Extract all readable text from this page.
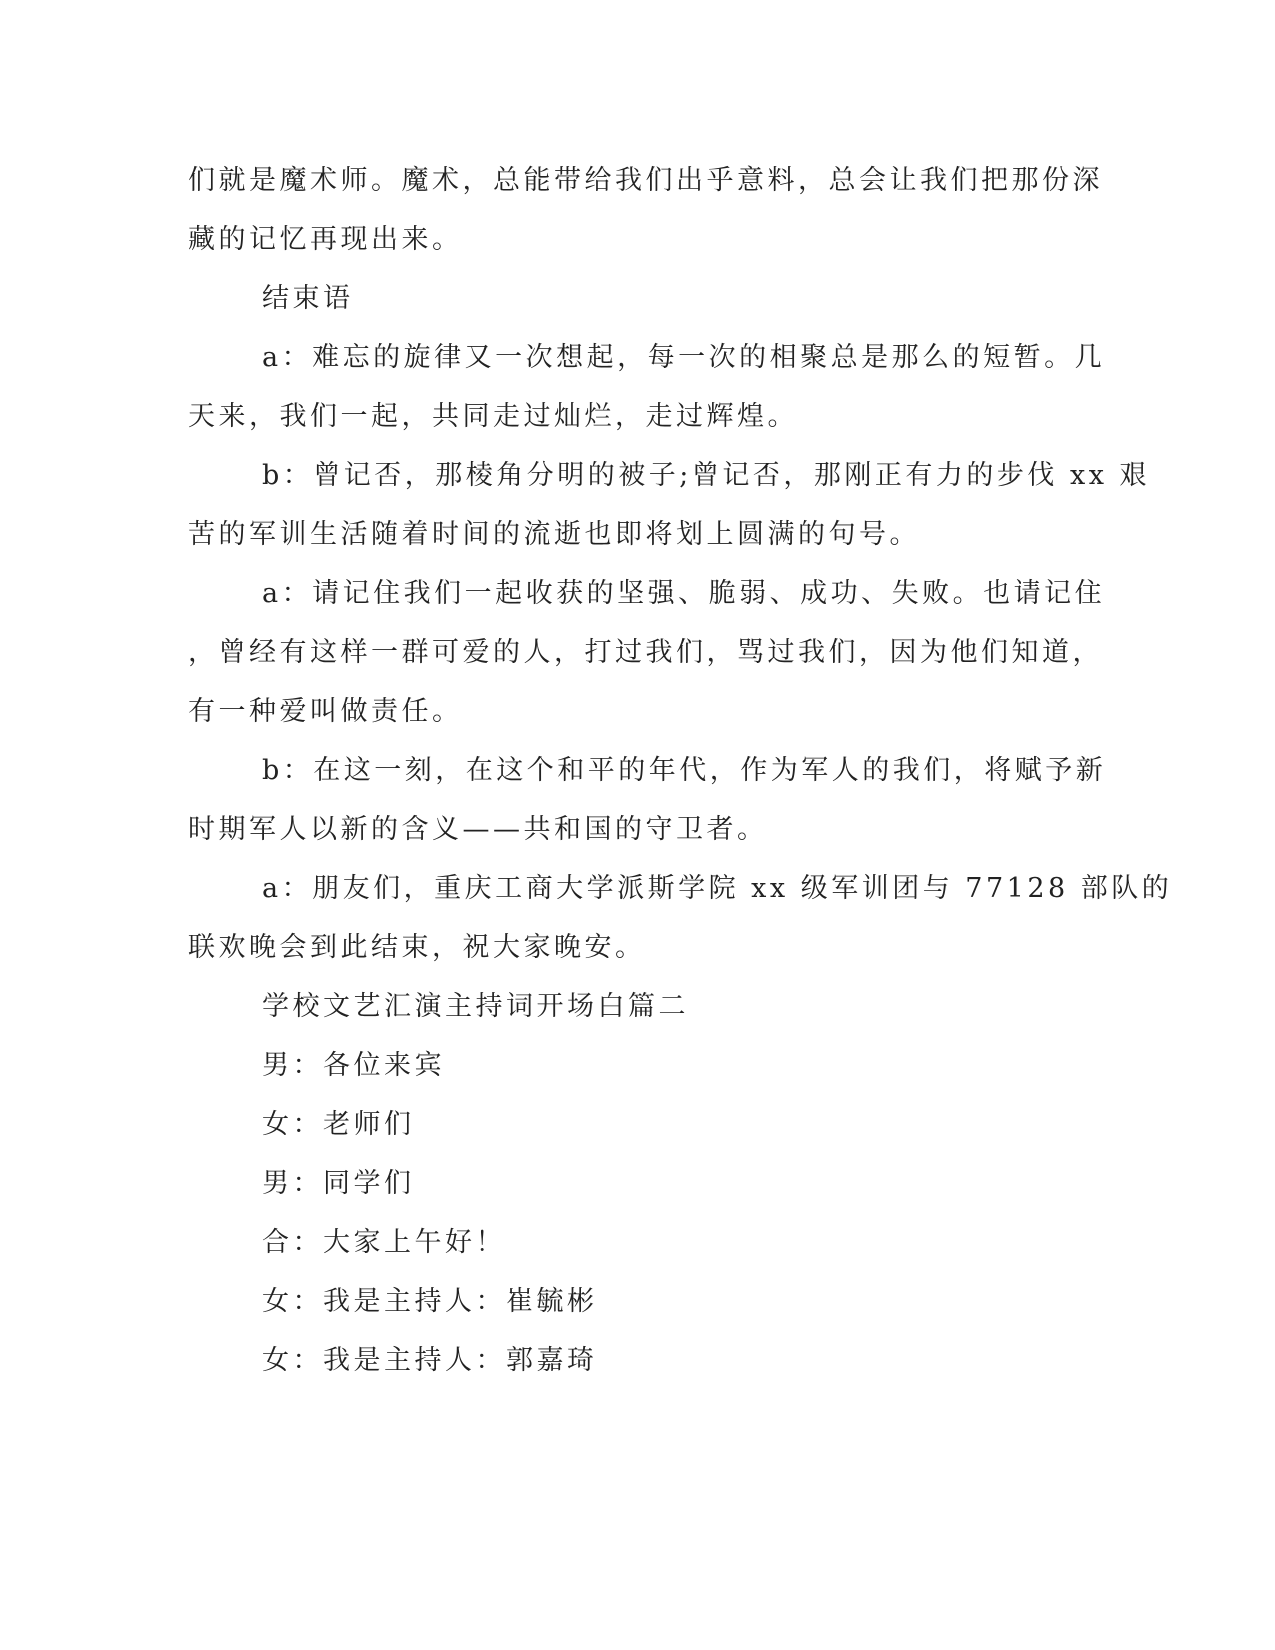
们就是魔术师。魔术，总能带给我们出乎意料，总会让我们把那份深
藏的记忆再现出来。
结束语
a：难忘的旋律又一次想起，每一次的相聚总是那么的短暂。几
天来，我们一起，共同走过灿烂，走过辉煌。
b：曾记否，那棱角分明的被子;曾记否，那刚正有力的步伐 xx 艰
苦的军训生活随着时间的流逝也即将划上圆满的句号。
a：请记住我们一起收获的坚强、脆弱、成功、失败。也请记住
，曾经有这样一群可爱的人，打过我们，骂过我们，因为他们知道，
有一种爱叫做责任。
b：在这一刻，在这个和平的年代，作为军人的我们，将赋予新
时期军人以新的含义——共和国的守卫者。
a：朋友们，重庆工商大学派斯学院 xx 级军训团与 77128 部队的
联欢晚会到此结束，祝大家晚安。
学校文艺汇演主持词开场白篇二
男：各位来宾
女：老师们
男：同学们
合：大家上午好！
女：我是主持人：崔毓彬
女：我是主持人：郭嘉琦
